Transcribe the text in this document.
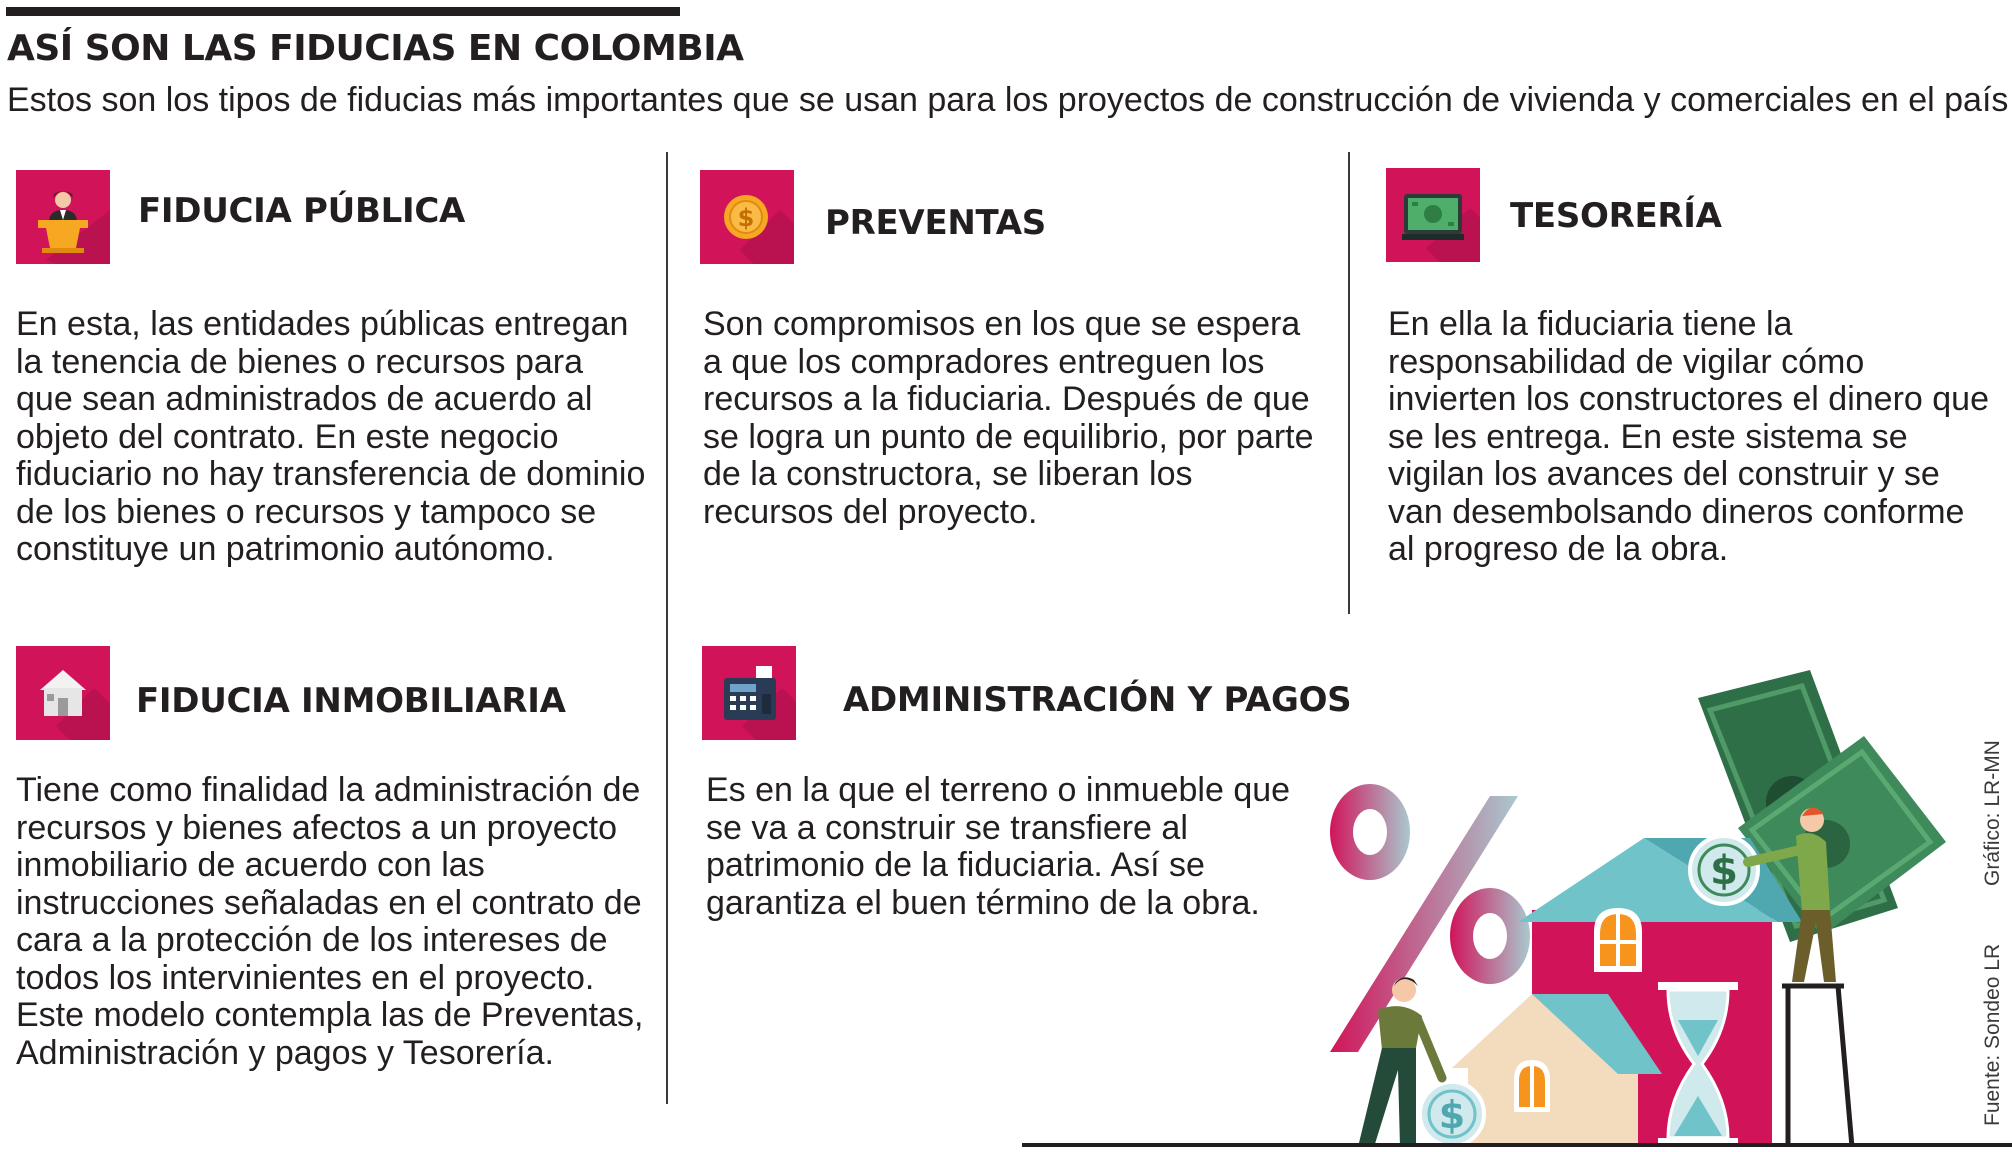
ASÍ SON LAS FIDUCIAS EN COLOMBIA

Estos son los tipos de fiducias más importantes que se usan para los proyectos de construcción de vivienda y comerciales en el país

FIDUCIA PÚBLICA

En esta, las entidades públicas entregan la tenencia de bienes o recursos para que sean administrados de acuerdo al objeto del contrato. En este negocio fiduciario no hay transferencia de dominio de los bienes o recursos y tampoco se constituye un patrimonio autónomo.

$ PREVENTAS

Son compromisos en los que se espera a que los compradores entreguen los recursos a la fiduciaria. Después de que se logra un punto de equilibrio, por parte de la constructora, se liberan los recursos del proyecto.

TESORERÍA

En ella la fiduciaria tiene la responsabilidad de vigilar cómo invierten los constructores el dinero que se les entrega. En este sistema se vigilan los avances del construir y se van desembolsando dineros conforme al progreso de la obra.

FIDUCIA INMOBILIARIA

Tiene como finalidad la administración de recursos y bienes afectos a un proyecto inmobiliario de acuerdo con las instrucciones señaladas en el contrato de cara a la protección de los intereses de todos los intervinientes en el proyecto. Este modelo contempla las de Preventas, Administración y pagos y Tesorería.

ADMINISTRACIÓN Y PAGOS

Es en la que el terreno o inmueble que se va a construir se transfiere al patrimonio de la fiduciaria. Así se garantiza el buen término de la obra.

$
$	Fuente: Sondeo LR
Gráfico: LR-MN
